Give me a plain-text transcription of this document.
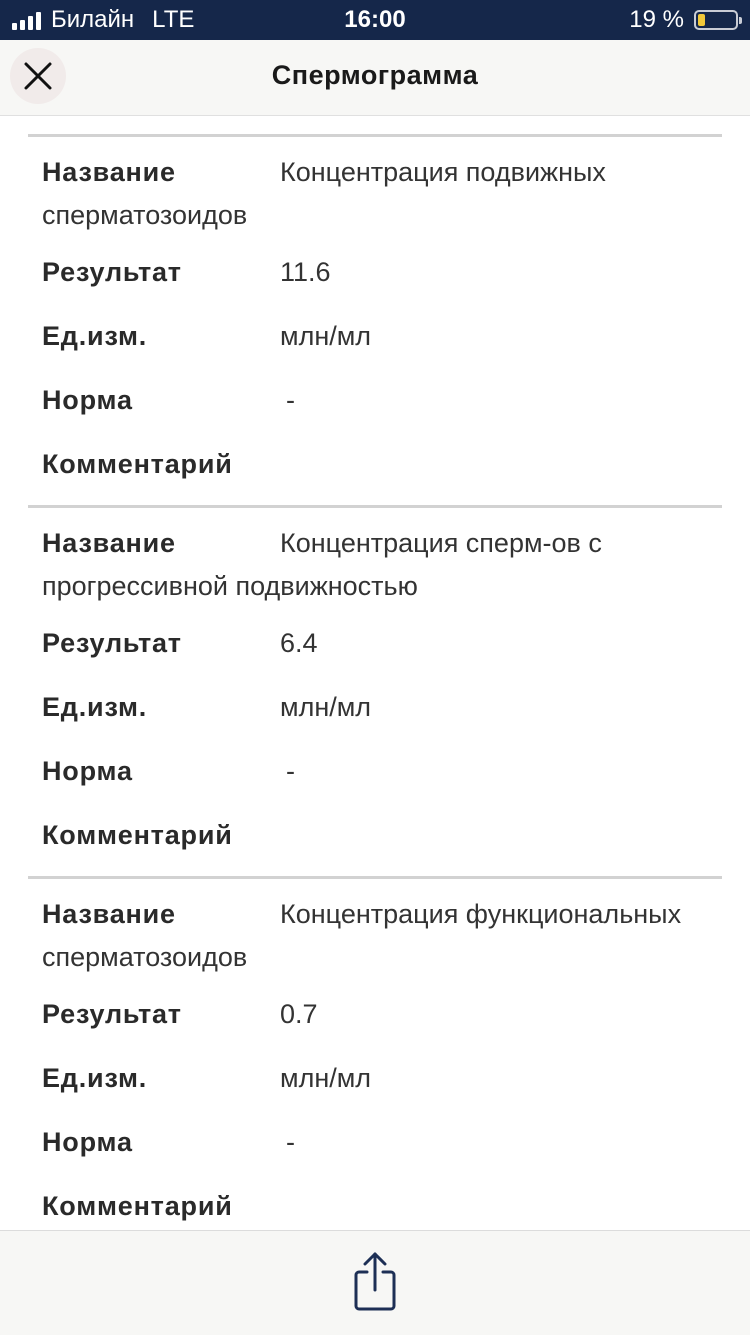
Билайн LTE	16:00	19 %
Спермограмма
Название	Концентрация подвижных сперматозоидов
Результат	11.6
Ед.изм.	млн/мл
Норма	-
Комментарий
Название	Концентрация сперм-ов с прогрессивной подвижностью
Результат	6.4
Ед.изм.	млн/мл
Норма	-
Комментарий
Название	Концентрация функциональных сперматозоидов
Результат	0.7
Ед.изм.	млн/мл
Норма	-
Комментарий
